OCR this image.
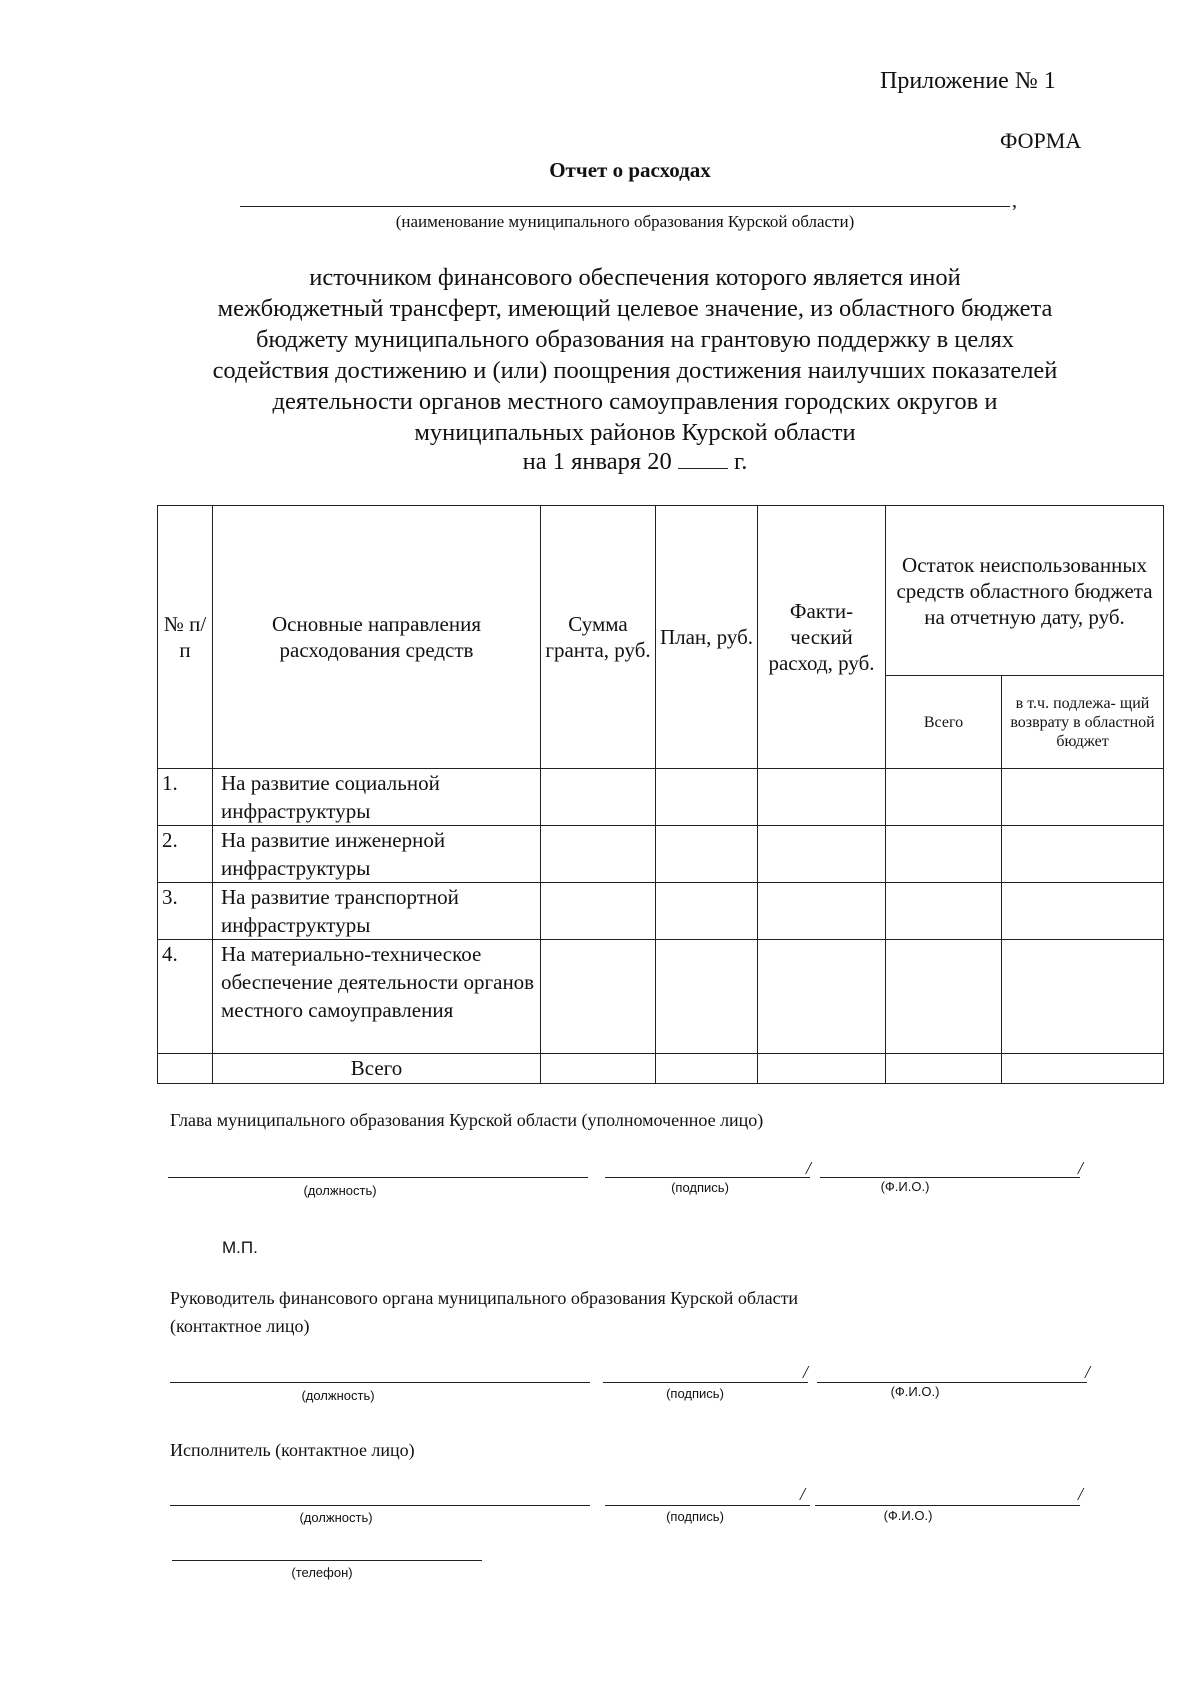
Приложение № 1
ФОРМА
Отчет о расходах
,
(наименование муниципального образования Курской области)
источником финансового обеспечения которого является иной
межбюджетный трансферт, имеющий целевое значение, из областного бюджета
бюджету муниципального образования на грантовую поддержку в целях
содействия достижению и (или) поощрения достижения наилучших показателей
деятельности органов местного самоуправления городских округов и
муниципальных районов Курской области
на 1 января 20	г.
№ п/ п	Основные направления расходования средств	Сумма гранта, руб.	План, руб.	Факти- ческий расход, руб.	Остаток неиспользованных средств областного бюджета на отчетную дату, руб.	
					Всего	в т.ч. подлежа- щий возврату в областной бюджет
1.	На развитие социальной инфраструктуры					
2.	На развитие инженерной инфраструктуры					
3.	На развитие транспортной инфраструктуры					
4.	На материально-техническое обеспечение деятельности органов местного самоуправления					
	Всего					
Глава муниципального образования Курской области (уполномоченное лицо)
/	/
(должность)	(подпись)	(Ф.И.О.)
М.П.
Руководитель финансового органа муниципального образования Курской области
(контактное лицо)
/	/
(должность)	(подпись)	(Ф.И.О.)
Исполнитель (контактное лицо)
/	/
(должность)	(подпись)	(Ф.И.О.)
(телефон)
